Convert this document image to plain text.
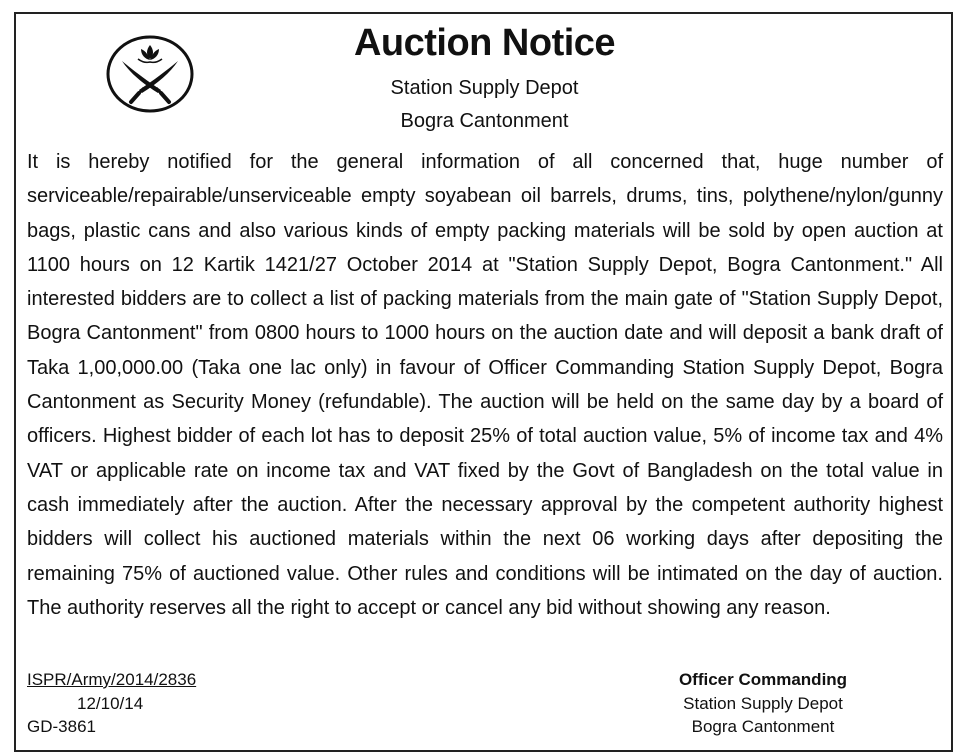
Auction Notice
Station Supply Depot
Bogra Cantonment

It is hereby notified for the general information of all concerned that, huge number of serviceable/repairable/unserviceable empty soyabean oil barrels, drums, tins, polythene/nylon/gunny bags, plastic cans and also various kinds of empty packing materials will be sold by open auction at 1100 hours on 12 Kartik 1421/27 October 2014 at "Station Supply Depot, Bogra Cantonment." All interested bidders are to collect a list of packing materials from the main gate of "Station Supply Depot, Bogra Cantonment" from 0800 hours to 1000 hours on the auction date and will deposit a bank draft of Taka 1,00,000.00 (Taka one lac only) in favour of Officer Commanding Station Supply Depot, Bogra Cantonment as Security Money (refundable). The auction will be held on the same day by a board of officers. Highest bidder of each lot has to deposit 25% of total auction value, 5% of income tax and 4% VAT or applicable rate on income tax and VAT fixed by the Govt of Bangladesh on the total value in cash immediately after the auction. After the necessary approval by the competent authority highest bidders will collect his auctioned materials within the next 06 working days after depositing the remaining 75% of auctioned value. Other rules and conditions will be intimated on the day of auction. The authority reserves all the right to accept or cancel any bid without showing any reason.

ISPR/Army/2014/2836
12/10/14
GD-3861
Officer Commanding
Station Supply Depot
Bogra Cantonment
